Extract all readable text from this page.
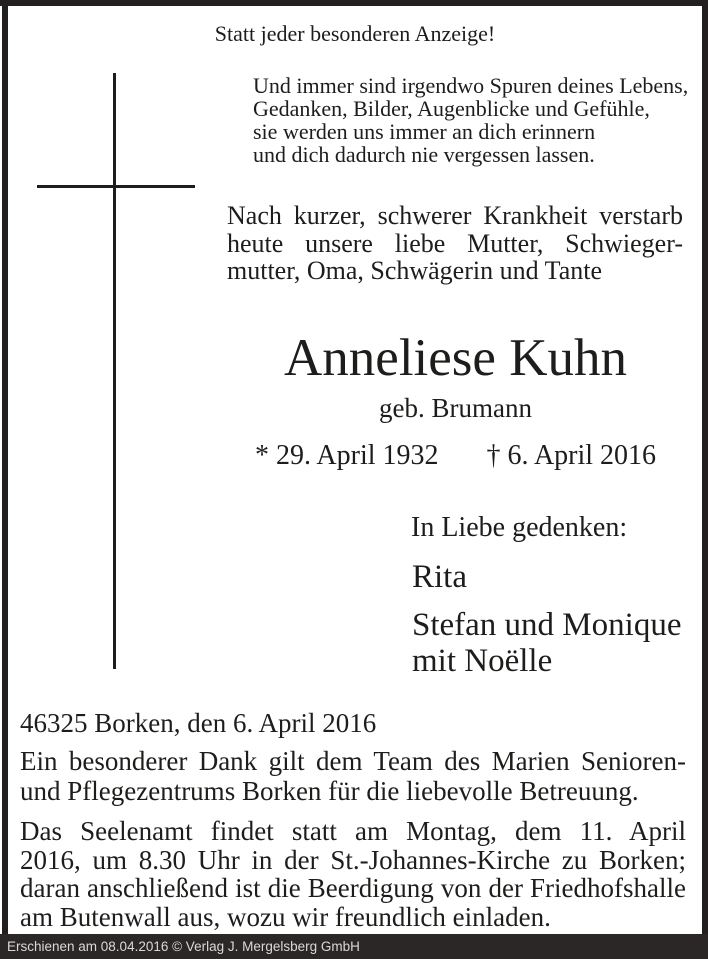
Statt jeder besonderen Anzeige!
Und immer sind irgendwo Spuren deines Lebens,
Gedanken, Bilder, Augenblicke und Gefühle,
sie werden uns immer an dich erinnern
und dich dadurch nie vergessen lassen.
Nach kurzer, schwerer Krankheit verstarb
heute unsere liebe Mutter, Schwieger-
mutter, Oma, Schwägerin und Tante
Anneliese Kuhn
geb. Brumann
* 29. April 1932 † 6. April 2016
In Liebe gedenken:
Rita
Stefan und Monique
mit Noëlle
46325 Borken, den 6. April 2016
Ein besonderer Dank gilt dem Team des Marien Senioren-
und Pflegezentrums Borken für die liebevolle Betreuung.
Das Seelenamt findet statt am Montag, dem 11. April
2016, um 8.30 Uhr in der St.-Johannes-Kirche zu Borken;
daran anschließend ist die Beerdigung von der Friedhofshalle
am Butenwall aus, wozu wir freundlich einladen.
Erschienen am 08.04.2016 © Verlag J. Mergelsberg GmbH
